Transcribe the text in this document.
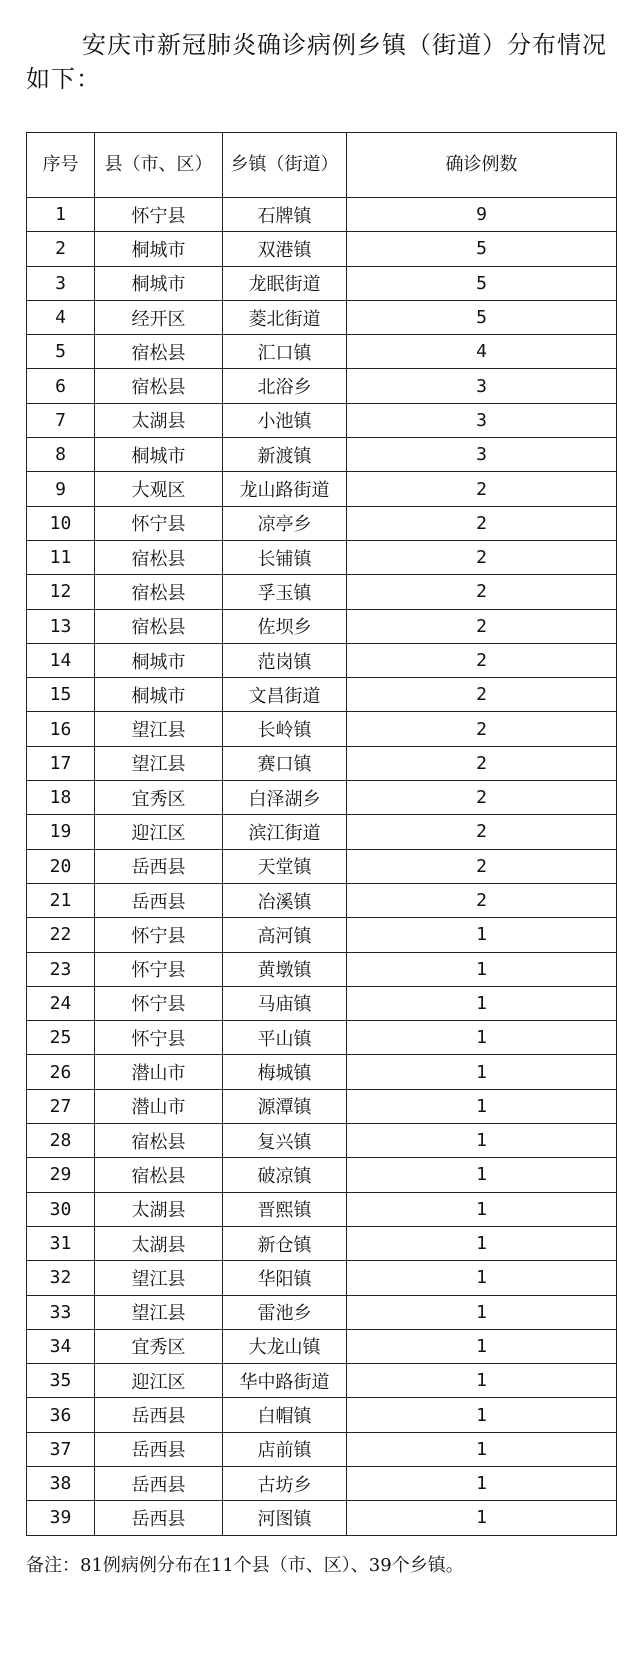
安庆市新冠肺炎确诊病例乡镇（街道）分布情况如下：
序号	县（市、区）	乡镇（街道）	确诊例数
1	怀宁县	石牌镇	9
2	桐城市	双港镇	5
3	桐城市	龙眠街道	5
4	经开区	菱北街道	5
5	宿松县	汇口镇	4
6	宿松县	北浴乡	3
7	太湖县	小池镇	3
8	桐城市	新渡镇	3
9	大观区	龙山路街道	2
10	怀宁县	凉亭乡	2
11	宿松县	长铺镇	2
12	宿松县	孚玉镇	2
13	宿松县	佐坝乡	2
14	桐城市	范岗镇	2
15	桐城市	文昌街道	2
16	望江县	长岭镇	2
17	望江县	赛口镇	2
18	宜秀区	白泽湖乡	2
19	迎江区	滨江街道	2
20	岳西县	天堂镇	2
21	岳西县	冶溪镇	2
22	怀宁县	高河镇	1
23	怀宁县	黄墩镇	1
24	怀宁县	马庙镇	1
25	怀宁县	平山镇	1
26	潜山市	梅城镇	1
27	潜山市	源潭镇	1
28	宿松县	复兴镇	1
29	宿松县	破凉镇	1
30	太湖县	晋熙镇	1
31	太湖县	新仓镇	1
32	望江县	华阳镇	1
33	望江县	雷池乡	1
34	宜秀区	大龙山镇	1
35	迎江区	华中路街道	1
36	岳西县	白帽镇	1
37	岳西县	店前镇	1
38	岳西县	古坊乡	1
39	岳西县	河图镇	1
备注：81例病例分布在11个县（市、区）、39个乡镇。
